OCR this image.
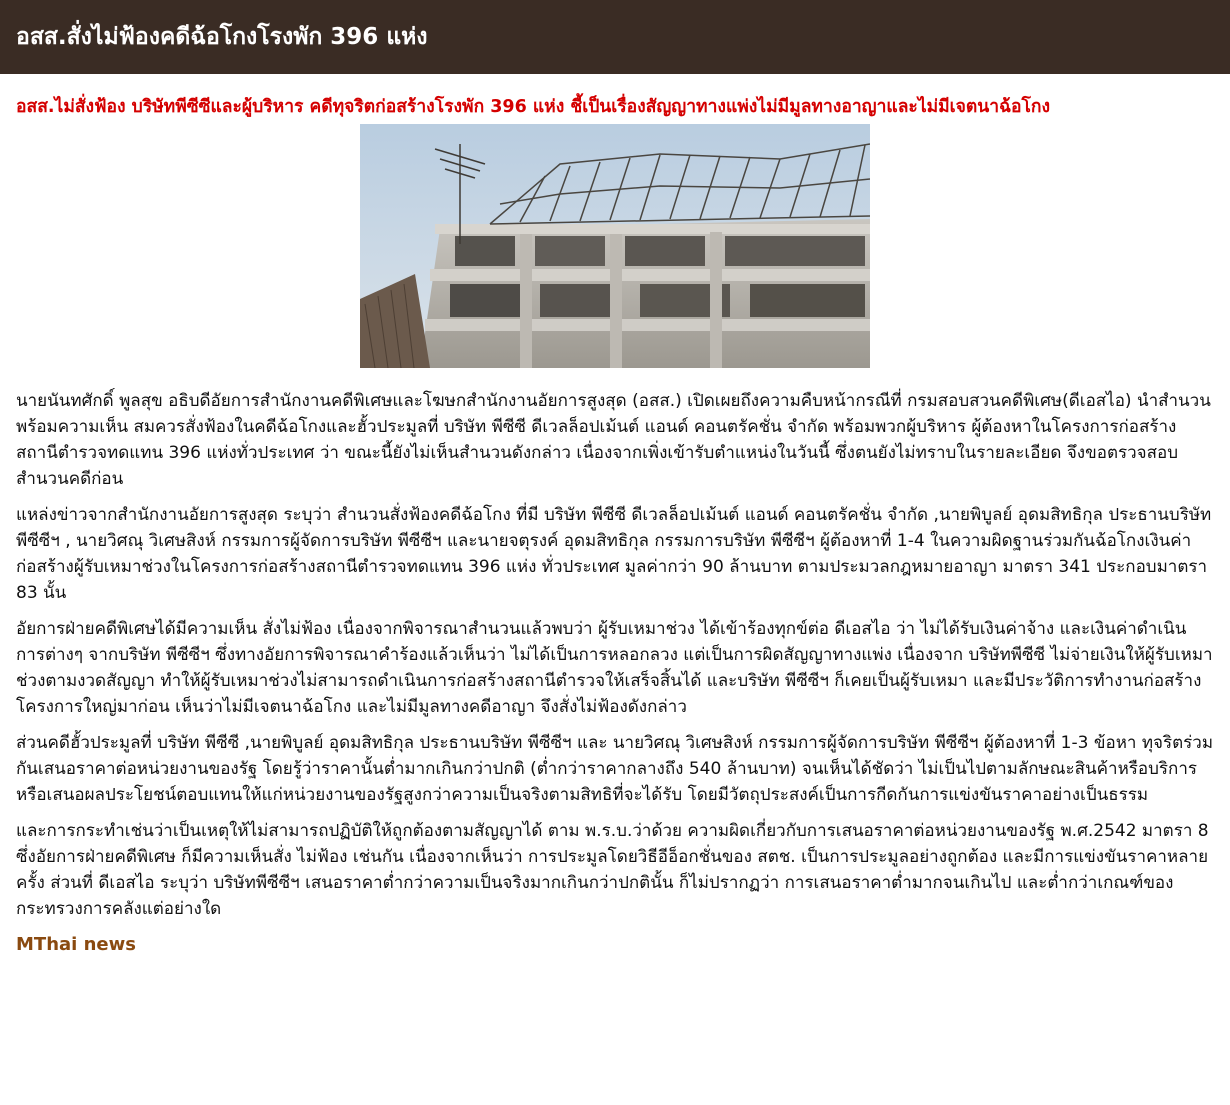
อสส.สั่งไม่ฟ้องคดีฉ้อโกงโรงพัก 396 แห่ง
อสส.ไม่สั่งฟ้อง บริษัทพีซีซีและผู้บริหาร คดีทุจริตก่อสร้างโรงพัก 396 แห่ง ชี้เป็นเรื่องสัญญาทางแพ่งไม่มีมูลทางอาญาและไม่มีเจตนาฉ้อโกง

นายนันทศักดิ์ พูลสุข อธิบดีอัยการสำนักงานคดีพิเศษและโฆษกสำนักงานอัยการสูงสุด (อสส.) เปิดเผยถึงความคืบหน้ากรณีที่ กรมสอบสวนคดีพิเศษ(ดีเอสไอ) นำสำนวนพร้อมความเห็น สมควรสั่งฟ้องในคดีฉ้อโกงและฮั้วประมูลที่ บริษัท พีซีซี ดีเวลล็อปเม้นต์ แอนด์ คอนตรัคชั่น จำกัด พร้อมพวกผู้บริหาร ผู้ต้องหาในโครงการก่อสร้างสถานีตำรวจทดแทน 396 แห่งทั่วประเทศ ว่า ขณะนี้ยังไม่เห็นสำนวนดังกล่าว เนื่องจากเพิ่งเข้ารับตำแหน่งในวันนี้ ซึ่งตนยังไม่ทราบในรายละเอียด จึงขอตรวจสอบสำนวนคดีก่อน

แหล่งข่าวจากสำนักงานอัยการสูงสุด ระบุว่า สำนวนสั่งฟ้องคดีฉ้อโกง ที่มี บริษัท พีซีซี ดีเวลล็อปเม้นต์ แอนด์ คอนตรัคชั่น จำกัด ,นายพิบูลย์ อุดมสิทธิกุล ประธานบริษัท พีซีซีฯ , นายวิศณุ วิเศษสิงห์ กรรมการผู้จัดการบริษัท พีซีซีฯ และนายจตุรงค์ อุดมสิทธิกุล กรรมการบริษัท พีซีซีฯ ผู้ต้องหาที่ 1-4 ในความผิดฐานร่วมกันฉ้อโกงเงินค่าก่อสร้างผู้รับเหมาช่วงในโครงการก่อสร้างสถานีตำรวจทดแทน 396 แห่ง ทั่วประเทศ มูลค่ากว่า 90 ล้านบาท ตามประมวลกฎหมายอาญา มาตรา 341 ประกอบมาตรา 83 นั้น

อัยการฝ่ายคดีพิเศษได้มีความเห็น สั่งไม่ฟ้อง เนื่องจากพิจารณาสำนวนแล้วพบว่า ผู้รับเหมาช่วง ได้เข้าร้องทุกข์ต่อ ดีเอสไอ ว่า ไม่ได้รับเงินค่าจ้าง และเงินค่าดำเนินการต่างๆ จากบริษัท พีซีซีฯ ซึ่งทางอัยการพิจารณาคำร้องแล้วเห็นว่า ไม่ได้เป็นการหลอกลวง แต่เป็นการผิดสัญญาทางแพ่ง เนื่องจาก บริษัทพีซีซี ไม่จ่ายเงินให้ผู้รับเหมาช่วงตามงวดสัญญา ทำให้ผู้รับเหมาช่วงไม่สามารถดำเนินการก่อสร้างสถานีตำรวจให้เสร็จสิ้นได้ และบริษัท พีซีซีฯ ก็เคยเป็นผู้รับเหมา และมีประวัติการทำงานก่อสร้างโครงการใหญ่มาก่อน เห็นว่าไม่มีเจตนาฉ้อโกง และไม่มีมูลทางคดีอาญา จึงสั่งไม่ฟ้องดังกล่าว

ส่วนคดีฮั้วประมูลที่ บริษัท พีซีซี ,นายพิบูลย์ อุดมสิทธิกุล ประธานบริษัท พีซีซีฯ และ นายวิศณุ วิเศษสิงห์ กรรมการผู้จัดการบริษัท พีซีซีฯ ผู้ต้องหาที่ 1-3 ข้อหา ทุจริตร่วมกันเสนอราคาต่อหน่วยงานของรัฐ โดยรู้ว่าราคานั้นต่ำมากเกินกว่าปกติ (ต่ำกว่าราคากลางถึง 540 ล้านบาท) จนเห็นได้ชัดว่า ไม่เป็นไปตามลักษณะสินค้าหรือบริการ หรือเสนอผลประโยชน์ตอบแทนให้แก่หน่วยงานของรัฐสูงกว่าความเป็นจริงตามสิทธิที่จะได้รับ โดยมีวัตถุประสงค์เป็นการกีดกันการแข่งขันราคาอย่างเป็นธรรม

และการกระทำเช่นว่าเป็นเหตุให้ไม่สามารถปฏิบัติให้ถูกต้องตามสัญญาได้ ตาม พ.ร.บ.ว่าด้วย ความผิดเกี่ยวกับการเสนอราคาต่อหน่วยงานของรัฐ พ.ศ.2542 มาตรา 8 ซึ่งอัยการฝ่ายคดีพิเศษ ก็มีความเห็นสั่ง ไม่ฟ้อง เช่นกัน เนื่องจากเห็นว่า การประมูลโดยวิธีอีอ็อกชั่นของ สตช. เป็นการประมูลอย่างถูกต้อง และมีการแข่งขันราคาหลายครั้ง ส่วนที่ ดีเอสไอ ระบุว่า บริษัทพีซีซีฯ เสนอราคาต่ำกว่าความเป็นจริงมากเกินกว่าปกตินั้น ก็ไม่ปรากฏว่า การเสนอราคาต่ำมากจนเกินไป และต่ำกว่าเกณฑ์ของกระทรวงการคลังแต่อย่างใด

MThai news
